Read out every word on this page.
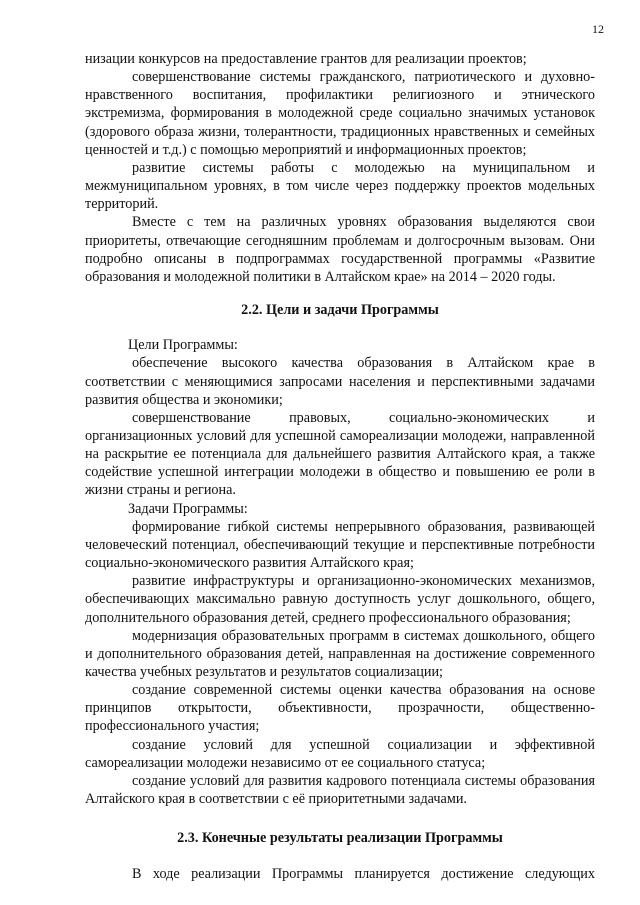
12

низации конкурсов на предоставление грантов для реализации проектов;

совершенствование системы гражданского, патриотического и духовно-нравственного воспитания, профилактики религиозного и этнического экстремизма, формирования в молодежной среде социально значимых установок (здорового образа жизни, толерантности, традиционных нравственных и семейных ценностей и т.д.) с помощью мероприятий и информационных проектов;

развитие системы работы с молодежью на муниципальном и межмуниципальном уровнях, в том числе через поддержку проектов модельных территорий.

Вместе с тем на различных уровнях образования выделяются свои приоритеты, отвечающие сегодняшним проблемам и долгосрочным вызовам. Они подробно описаны в подпрограммах государственной программы «Развитие образования и молодежной политики в Алтайском крае» на 2014 – 2020 годы.

2.2. Цели и задачи Программы

Цели Программы:

обеспечение высокого качества образования в Алтайском крае в соответствии с меняющимися запросами населения и перспективными задачами развития общества и экономики;

совершенствование правовых, социально-экономических и организационных условий для успешной самореализации молодежи, направленной на раскрытие ее потенциала для дальнейшего развития Алтайского края, а также содействие успешной интеграции молодежи в общество и повышению ее роли в жизни страны и региона.

Задачи Программы:

формирование гибкой системы непрерывного образования, развивающей человеческий потенциал, обеспечивающий текущие и перспективные потребности социально-экономического развития Алтайского края;

развитие инфраструктуры и организационно-экономических механизмов, обеспечивающих максимально равную доступность услуг дошкольного, общего, дополнительного образования детей, среднего профессионального образования;

модернизация образовательных программ в системах дошкольного, общего и дополнительного образования детей, направленная на достижение современного качества учебных результатов и результатов социализации;

создание современной системы оценки качества образования на основе принципов открытости, объективности, прозрачности, общественно-профессионального участия;

создание условий для успешной социализации и эффективной самореализации молодежи независимо от ее социального статуса;

создание условий для развития кадрового потенциала системы образования Алтайского края в соответствии с её приоритетными задачами.

2.3. Конечные результаты реализации Программы

В ходе реализации Программы планируется достижение следующих
